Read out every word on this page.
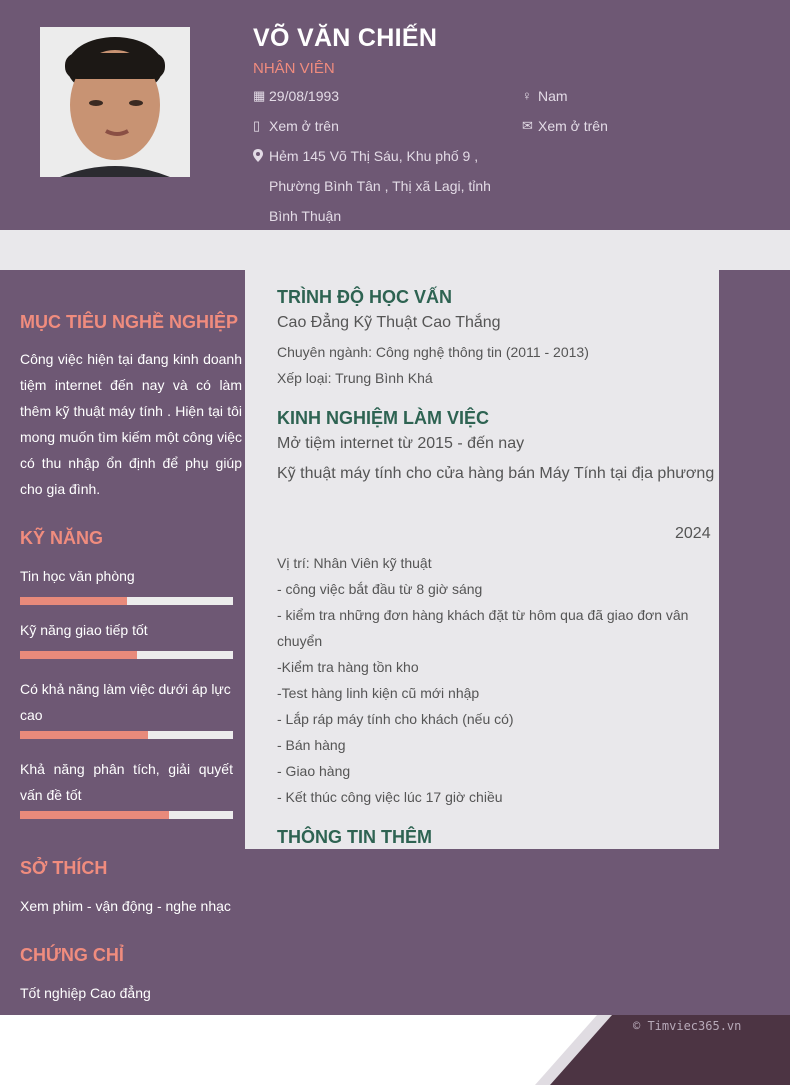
VÕ VĂN CHIẾN
NHÂN VIÊN
▦ 29/08/1993	♀ Nam
▯ Xem ở trên	✉ Xem ở trên
Hẻm 145 Võ Thị Sáu, Khu phố 9 ,
Phường Bình Tân , Thị xã Lagi, tỉnh
Bình Thuận
MỤC TIÊU NGHỀ NGHIỆP
Công việc hiện tại đang kinh doanh tiệm internet đến nay và có làm thêm kỹ thuật máy tính . Hiện tại tôi mong muốn tìm kiếm một công việc có thu nhập ổn định để phụ giúp cho gia đình.
KỸ NĂNG
Tin học văn phòng
Kỹ năng giao tiếp tốt
Có khả năng làm việc dưới áp lực cao
Khả năng phân tích, giải quyết vấn đề tốt
SỞ THÍCH
Xem phim - vận động - nghe nhạc
CHỨNG CHỈ
Tốt nghiệp Cao đẳng
TRÌNH ĐỘ HỌC VẤN
Cao Đẳng Kỹ Thuật Cao Thắng
Chuyên ngành: Công nghệ thông tin (2011 - 2013)
Xếp loại: Trung Bình Khá
KINH NGHIỆM LÀM VIỆC
Mở tiệm internet từ 2015 - đến nay
Kỹ thuật máy tính cho cửa hàng bán Máy Tính tại địa phương
2024
Vị trí: Nhân Viên kỹ thuật
- công việc bắt đầu từ 8 giờ sáng
- kiểm tra những đơn hàng khách đặt từ hôm qua đã giao đơn vân chuyển
-Kiểm tra hàng tồn kho
-Test hàng linh kiện cũ mới nhập
- Lắp ráp máy tính cho khách (nếu có)
- Bán hàng
- Giao hàng
- Kết thúc công việc lúc 17 giờ chiều
THÔNG TIN THÊM
© Timviec365.vn
